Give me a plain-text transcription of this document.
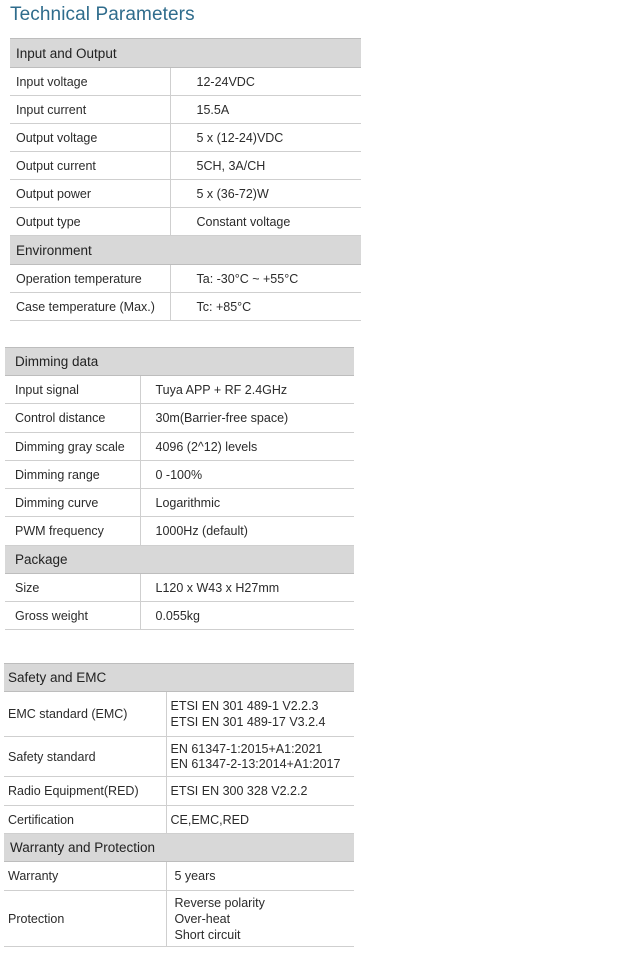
Technical Parameters
Input and Output	
Input voltage	12-24VDC
Input current	15.5A
Output voltage	5 x (12-24)VDC
Output current	5CH, 3A/CH
Output power	5 x (36-72)W
Output type	Constant voltage
Environment	
Operation temperature	Ta: -30°C ~ +55°C
Case temperature (Max.)	Tc: +85°C
Dimming data	
Input signal	Tuya APP + RF 2.4GHz
Control distance	30m(Barrier-free space)
Dimming gray scale	4096 (2^12) levels
Dimming range	0 -100%
Dimming curve	Logarithmic
PWM frequency	1000Hz (default)
Package	
Size	L120 x W43 x H27mm
Gross weight	0.055kg
Safety and EMC	
EMC standard (EMC)	ETSI EN 301 489-1 V2.2.3
ETSI EN 301 489-17 V3.2.4

Safety standard	EN 61347-1:2015+A1:2021
EN 61347-2-13:2014+A1:2017

Radio Equipment(RED)	ETSI EN 300 328 V2.2.2
Certification	CE,EMC,RED
Warranty and Protection	
Warranty	5 years
Protection	Reverse polarity
Over-heat
Short circuit
